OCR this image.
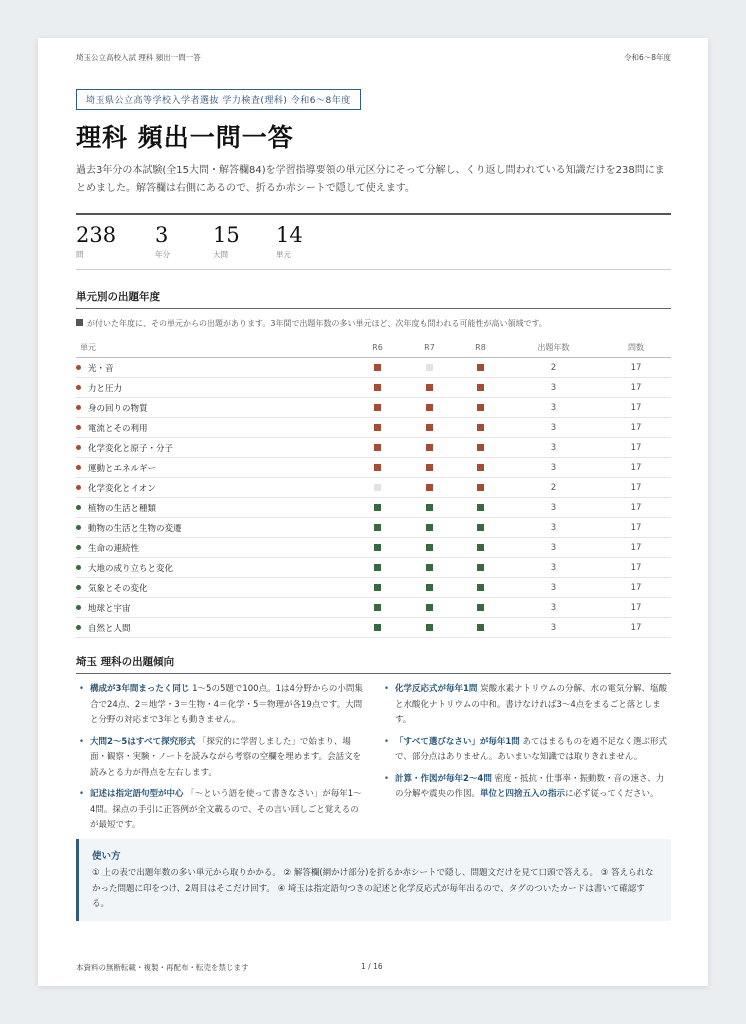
埼玉公立高校入試 理科 頻出一問一答	令和6〜8年度
埼玉県公立高等学校入学者選抜 学力検査(理科) 令和6〜8年度
理科 頻出一問一答

過去3年分の本試験(全15大問・解答欄84)を学習指導要領の単元区分にそって分解し、くり返し問われている知識だけを238問にまとめました。解答欄は右側にあるので、折るか赤シートで隠して使えます。

238
問
3
年分
15
大問
14
単元
単元別の出題年度
が付いた年度に、その単元からの出題があります。3年間で出題年数の多い単元ほど、次年度も問われる可能性が高い領域です。
単元	R6	R7	R8	出題年数	問数
光・音				2	17
力と圧力				3	17
身の回りの物質				3	17
電流とその利用				3	17
化学変化と原子・分子				3	17
運動とエネルギー				3	17
化学変化とイオン				2	17
植物の生活と種類				3	17
動物の生活と生物の変遷				3	17
生命の連続性				3	17
大地の成り立ちと変化				3	17
気象とその変化				3	17
地球と宇宙				3	17
自然と人間				3	17
埼玉 理科の出題傾向
• 構成が3年間まったく同じ 1〜5の5題で100点。1は4分野からの小問集合で24点、2＝地学・3＝生物・4＝化学・5＝物理が各19点です。大問と分野の対応まで3年とも動きません。
• 大問2〜5はすべて探究形式 「探究的に学習しました」で始まり、場面・観察・実験・ノートを読みながら考察の空欄を埋めます。会話文を読みとる力が得点を左右します。
• 記述は指定語句型が中心 「〜という語を使って書きなさい」が毎年1〜4問。採点の手引に正答例が全文載るので、その言い回しごと覚えるのが最短です。
• 化学反応式が毎年1問 炭酸水素ナトリウムの分解、水の電気分解、塩酸と水酸化ナトリウムの中和。書けなければ3〜4点をまるごと落とします。
• 「すべて選びなさい」が毎年1問 あてはまるものを過不足なく選ぶ形式で、部分点はありません。あいまいな知識では取りきれません。
• 計算・作図が毎年2〜4問 密度・抵抗・仕事率・振動数・音の速さ、力の分解や震央の作図。単位と四捨五入の指示に必ず従ってください。
使い方
① 上の表で出題年数の多い単元から取りかかる。 ② 解答欄(網かけ部分)を折るか赤シートで隠し、問題文だけを見て口頭で答える。 ③ 答えられなかった問題に印をつけ、2周目はそこだけ回す。 ④ 埼玉は指定語句つきの記述と化学反応式が毎年出るので、タグのついたカードは書いて確認する。
本資料の無断転載・複製・再配布・転売を禁じます	1 / 16
